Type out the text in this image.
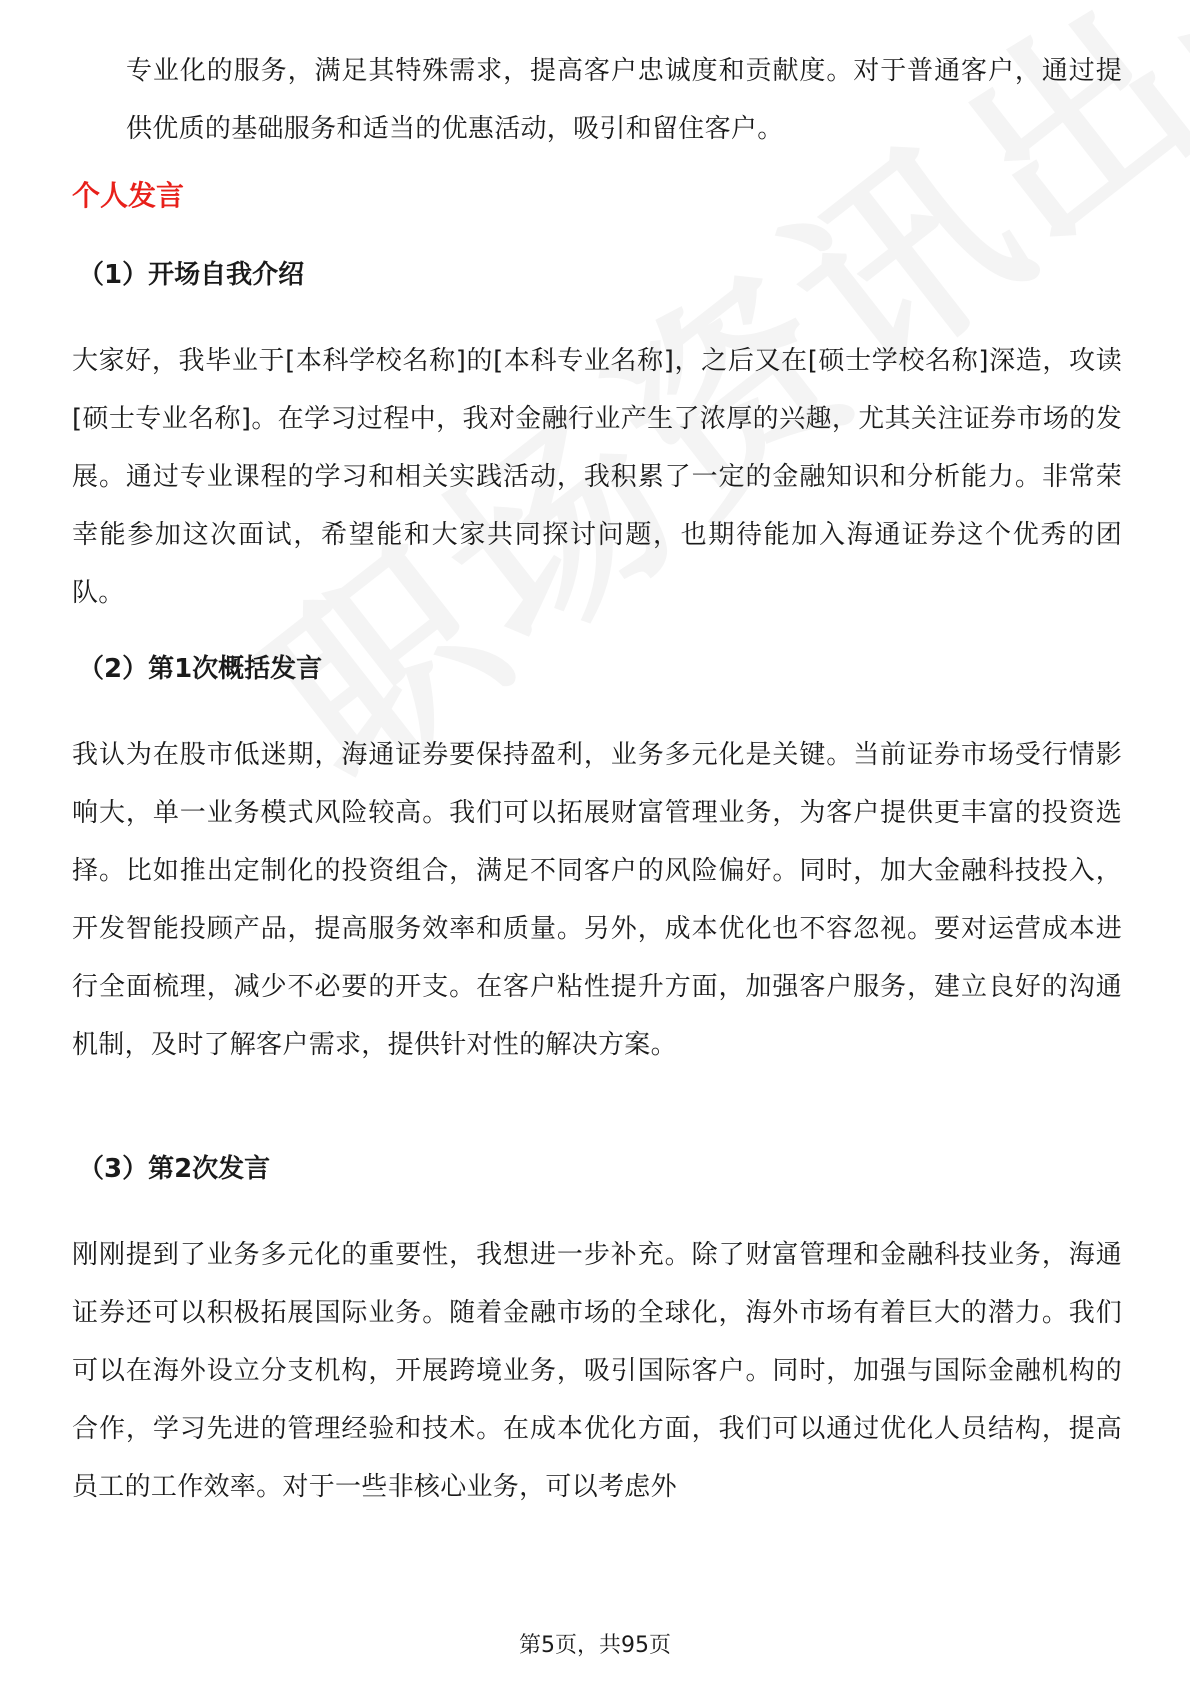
专业化的服务，满足其特殊需求，提高客户忠诚度和贡献度。对于普通客户，通过提供优质的基础服务和适当的优惠活动，吸引和留住客户。

个人发言
（1）开场自我介绍

大家好，我毕业于[本科学校名称]的[本科专业名称]，之后又在[硕士学校名称]深造，攻读[硕士专业名称]。在学习过程中，我对金融行业产生了浓厚的兴趣，尤其关注证券市场的发展。通过专业课程的学习和相关实践活动，我积累了一定的金融知识和分析能力。非常荣幸能参加这次面试，希望能和大家共同探讨问题，也期待能加入海通证券这个优秀的团队。

（2）第1次概括发言

我认为在股市低迷期，海通证券要保持盈利，业务多元化是关键。当前证券市场受行情影响大，单一业务模式风险较高。我们可以拓展财富管理业务，为客户提供更丰富的投资选择。比如推出定制化的投资组合，满足不同客户的风险偏好。同时，加大金融科技投入，开发智能投顾产品，提高服务效率和质量。另外，成本优化也不容忽视。要对运营成本进行全面梳理，减少不必要的开支。在客户粘性提升方面，加强客户服务，建立良好的沟通机制，及时了解客户需求，提供针对性的解决方案。

（3）第2次发言

刚刚提到了业务多元化的重要性，我想进一步补充。除了财富管理和金融科技业务，海通证券还可以积极拓展国际业务。随着金融市场的全球化，海外市场有着巨大的潜力。我们可以在海外设立分支机构，开展跨境业务，吸引国际客户。同时，加强与国际金融机构的合作，学习先进的管理经验和技术。在成本优化方面，我们可以通过优化人员结构，提高员工的工作效率。对于一些非核心业务，可以考虑外

第5页，共95页
